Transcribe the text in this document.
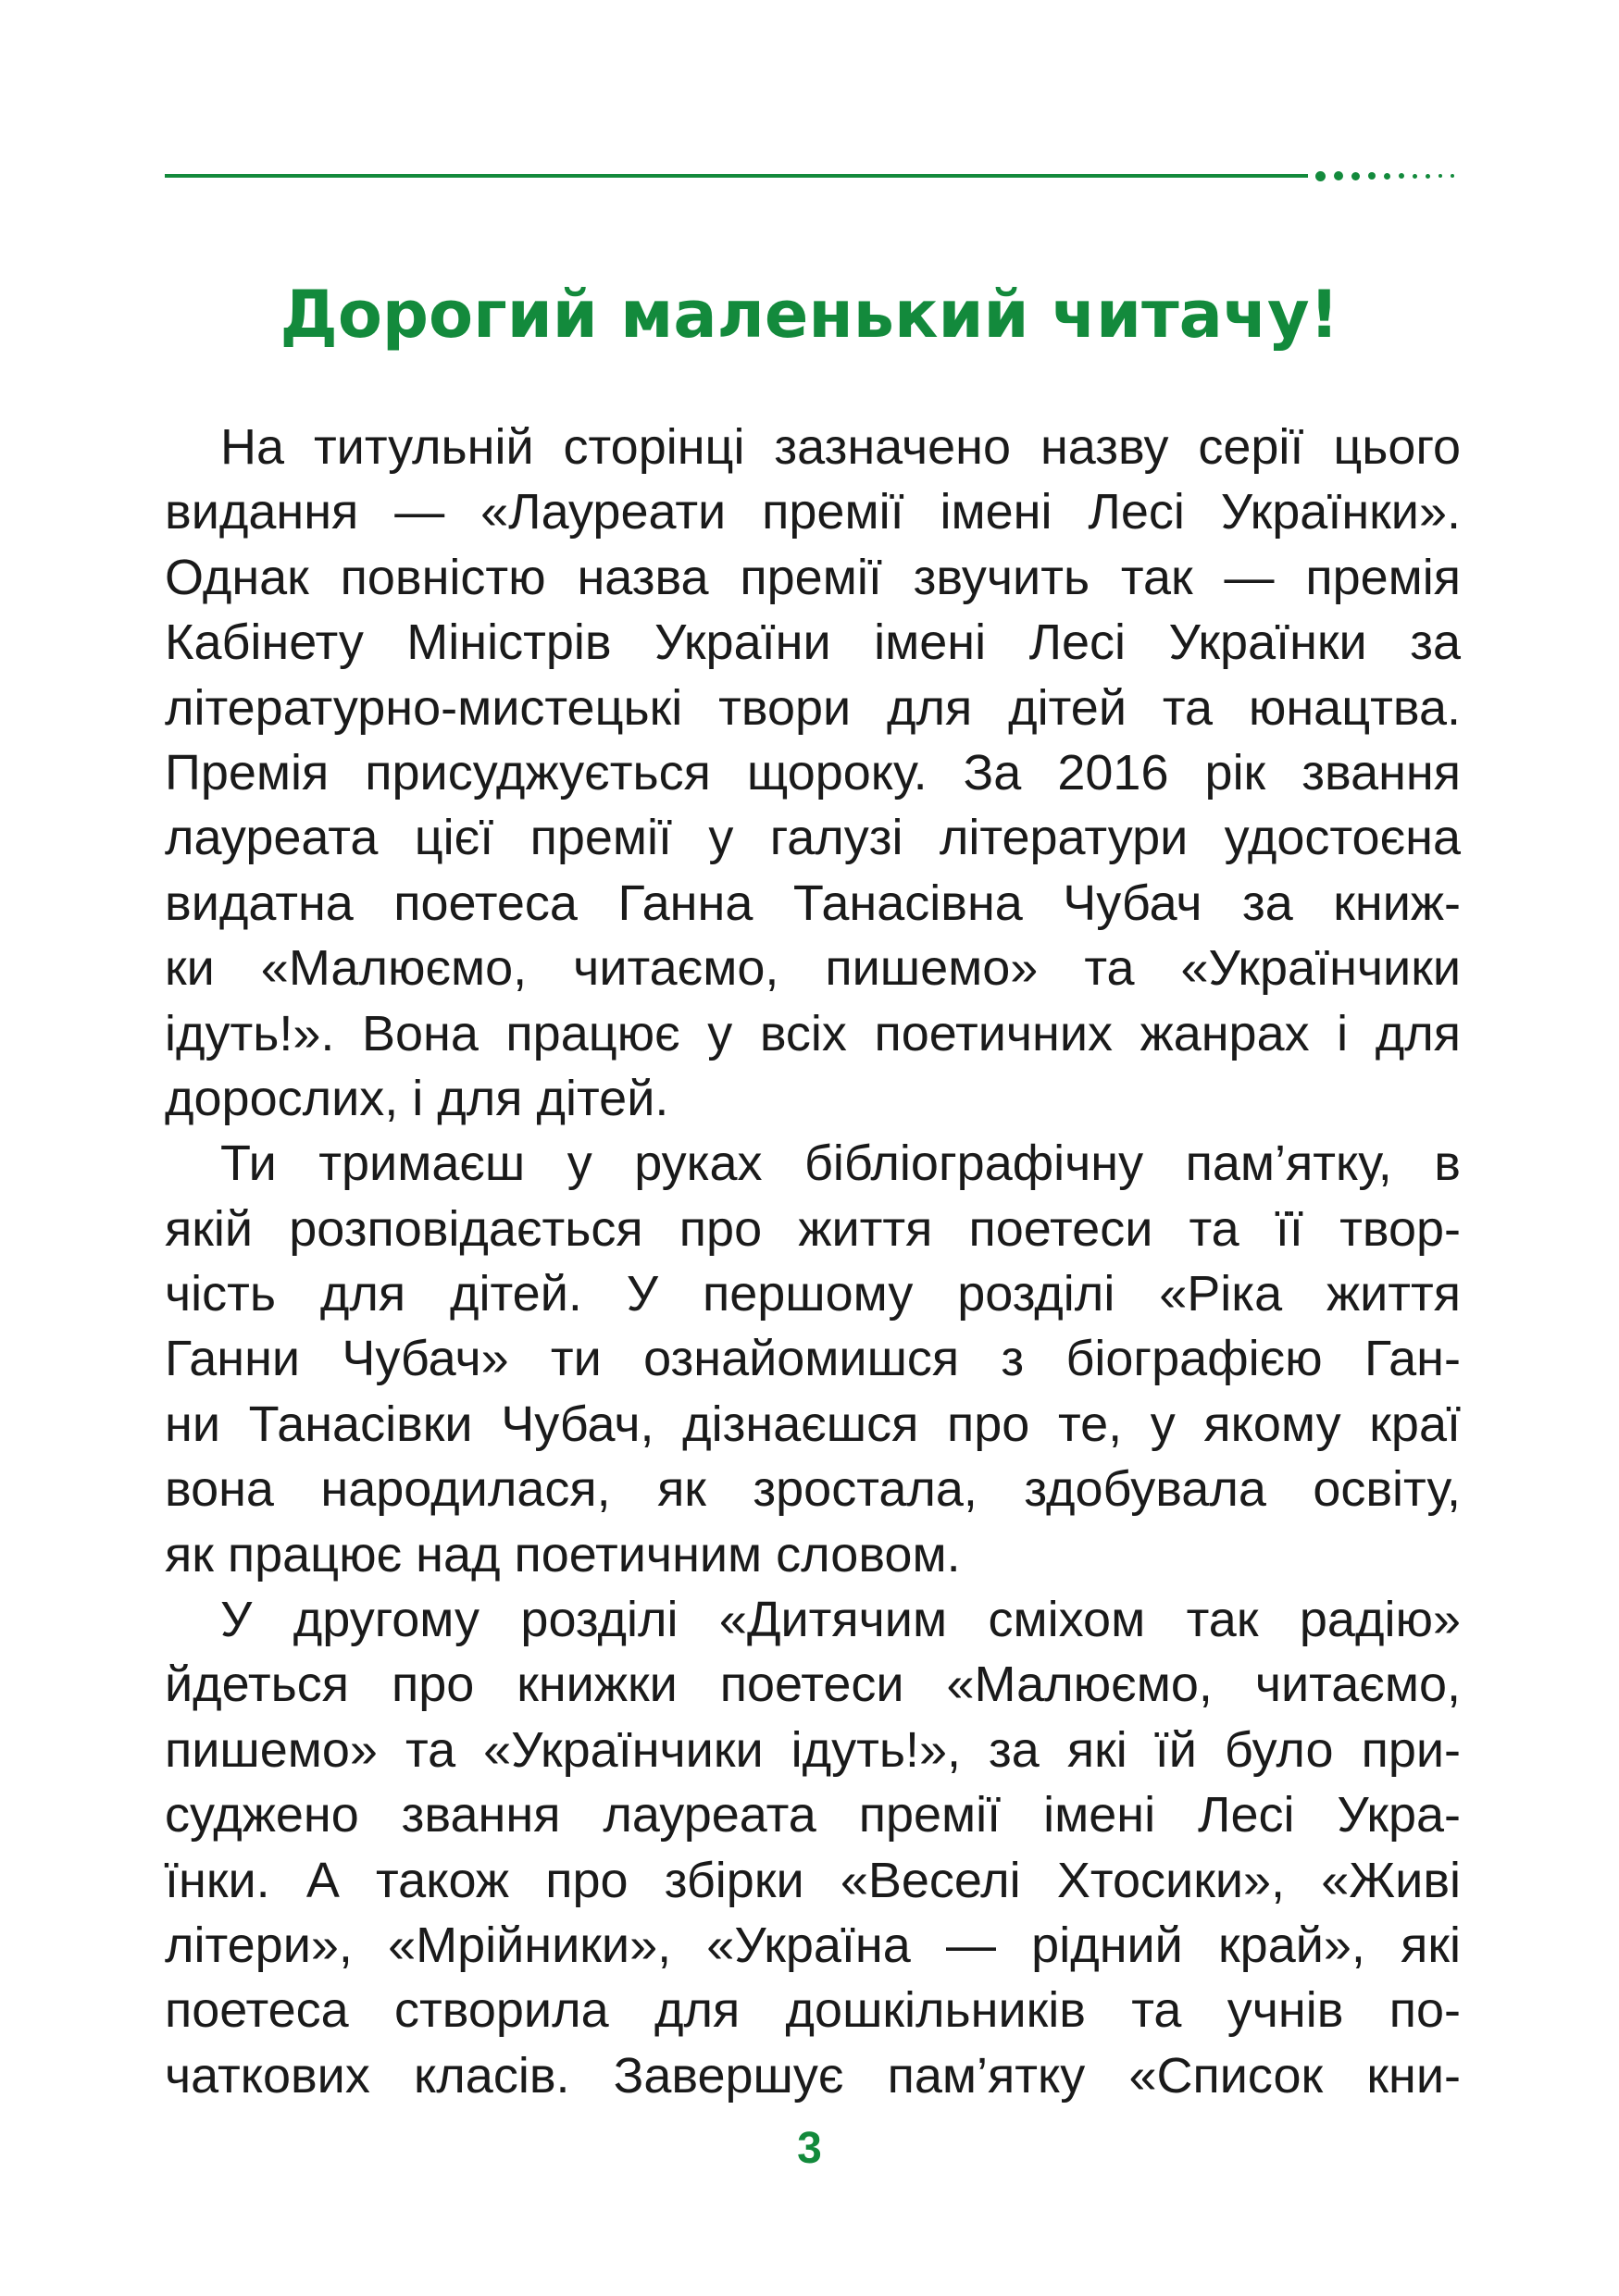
Дорогий маленький читачу!
На титульній сторінці зазначено назву серії цього
видання — «Лауреати премії імені Лесі Українки».
Однак повністю назва премії звучить так — премія
Кабінету Міністрів України імені Лесі Українки за
літературно-мистецькі твори для дітей та юнацтва.
Премія присуджується щороку. За 2016 рік звання
лауреата цієї премії у галузі літератури удостоєна
видатна поетеса Ганна Танасівна Чубач за книж-
ки «Малюємо, читаємо, пишемо» та «Українчики
ідуть!». Вона працює у всіх поетичних жанрах і для
дорослих, і для дітей.
Ти тримаєш у руках бібліографічну пам’ятку, в
якій розповідається про життя поетеси та її твор-
чість для дітей. У першому розділі «Ріка життя
Ганни Чубач» ти ознайомишся з біографією Ган-
ни Танасівки Чубач, дізнаєшся про те, у якому краї
вона народилася, як зростала, здобувала освіту,
як працює над поетичним словом.
У другому розділі «Дитячим сміхом так радію»
йдеться про книжки поетеси «Малюємо, читаємо,
пишемо» та «Українчики ідуть!», за які їй було при-
суджено звання лауреата премії імені Лесі Укра-
їнки. А також про збірки «Веселі Хтосики», «Живі
літери», «Мрійники», «Україна — рідний край», які
поетеса створила для дошкільників та учнів по-
чаткових класів. Завершує пам’ятку «Список кни-
3
